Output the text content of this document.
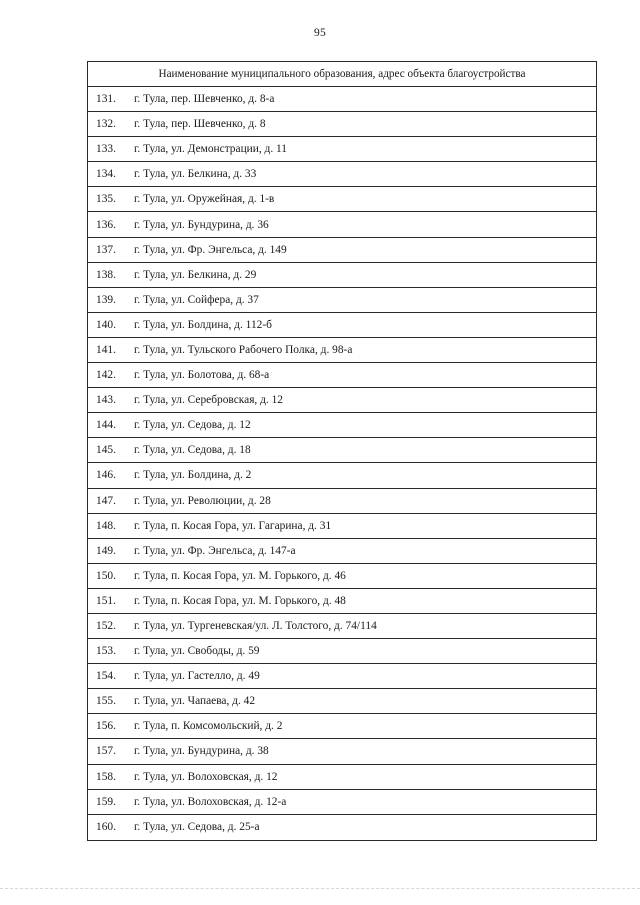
95
Наименование муниципального образования, адрес объекта благоустройства
131.	г. Тула, пер. Шевченко, д. 8-а
132.	г. Тула, пер. Шевченко, д. 8
133.	г. Тула, ул. Демонстрации, д. 11
134.	г. Тула, ул. Белкина, д. 33
135.	г. Тула, ул. Оружейная, д. 1-в
136.	г. Тула, ул. Бундурина, д. 36
137.	г. Тула, ул. Фр. Энгельса, д. 149
138.	г. Тула, ул. Белкина, д. 29
139.	г. Тула, ул. Сойфера, д. 37
140.	г. Тула, ул. Болдина, д. 112-б
141.	г. Тула, ул. Тульского Рабочего Полка, д. 98-а
142.	г. Тула, ул. Болотова, д. 68-а
143.	г. Тула, ул. Серебровская, д. 12
144.	г. Тула, ул. Седова, д. 12
145.	г. Тула, ул. Седова, д. 18
146.	г. Тула, ул. Болдина, д. 2
147.	г. Тула, ул. Революции, д. 28
148.	г. Тула, п. Косая Гора, ул. Гагарина, д. 31
149.	г. Тула, ул. Фр. Энгельса, д. 147-а
150.	г. Тула, п. Косая Гора, ул. М. Горького, д. 46
151.	г. Тула, п. Косая Гора, ул. М. Горького, д. 48
152.	г. Тула, ул. Тургеневская/ул. Л. Толстого, д. 74/114
153.	г. Тула, ул. Свободы, д. 59
154.	г. Тула, ул. Гастелло, д. 49
155.	г. Тула, ул. Чапаева, д. 42
156.	г. Тула, п. Комсомольский, д. 2
157.	г. Тула, ул. Бундурина, д. 38
158.	г. Тула, ул. Волоховская, д. 12
159.	г. Тула, ул. Волоховская, д. 12-а
160.	г. Тула, ул. Седова, д. 25-а
